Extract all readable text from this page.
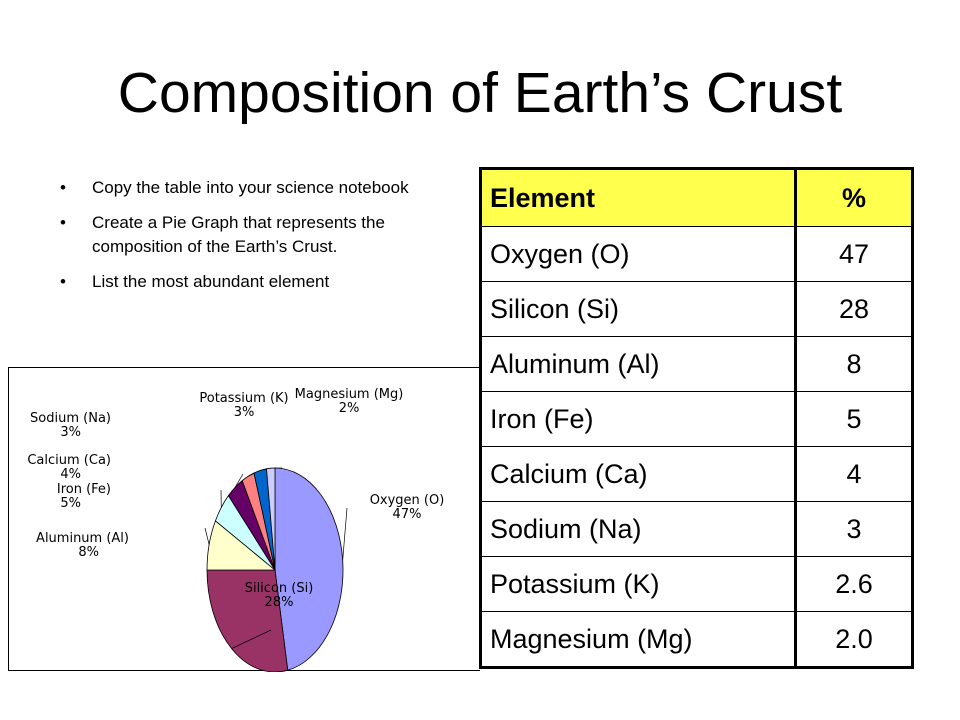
Composition of Earth’s Crust
• Copy the table into your science notebook
• Create a Pie Graph that represents the composition of the Earth’s Crust.
• List the most abundant element
Oxygen (O) 47%
Silicon (Si) 28%
Aluminum (Al) 8%
Iron (Fe) 5%
Calcium (Ca) 4%
Sodium (Na) 3%
Potassium (K) 3%
Magnesium (Mg) 2%
Element	%
Oxygen (O)	47
Silicon (Si)	28
Aluminum (Al)	8
Iron (Fe)	5
Calcium (Ca)	4
Sodium (Na)	3
Potassium (K)	2.6
Magnesium (Mg)	2.0
